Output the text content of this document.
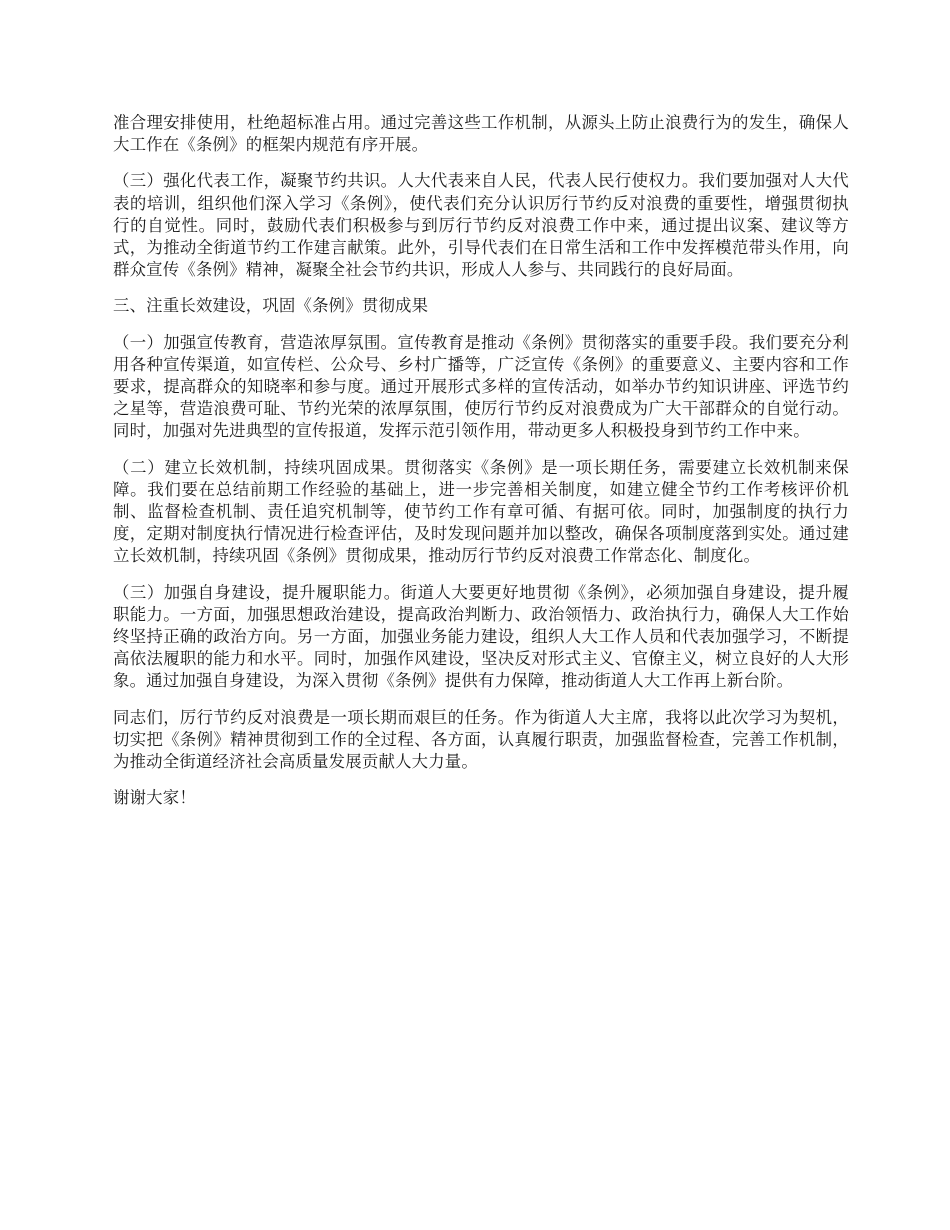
准合理安排使用，杜绝超标准占用。通过完善这些工作机制，从源头上防止浪费行为的发生，确保人大工作在《条例》的框架内规范有序开展。

（三）强化代表工作，凝聚节约共识。人大代表来自人民，代表人民行使权力。我们要加强对人大代表的培训，组织他们深入学习《条例》，使代表们充分认识厉行节约反对浪费的重要性，增强贯彻执行的自觉性。同时，鼓励代表们积极参与到厉行节约反对浪费工作中来，通过提出议案、建议等方式，为推动全街道节约工作建言献策。此外，引导代表们在日常生活和工作中发挥模范带头作用，向群众宣传《条例》精神，凝聚全社会节约共识，形成人人参与、共同践行的良好局面。

三、注重长效建设，巩固《条例》贯彻成果

（一）加强宣传教育，营造浓厚氛围。宣传教育是推动《条例》贯彻落实的重要手段。我们要充分利用各种宣传渠道，如宣传栏、公众号、乡村广播等，广泛宣传《条例》的重要意义、主要内容和工作要求，提高群众的知晓率和参与度。通过开展形式多样的宣传活动，如举办节约知识讲座、评选节约之星等，营造浪费可耻、节约光荣的浓厚氛围，使厉行节约反对浪费成为广大干部群众的自觉行动。同时，加强对先进典型的宣传报道，发挥示范引领作用，带动更多人积极投身到节约工作中来。

（二）建立长效机制，持续巩固成果。贯彻落实《条例》是一项长期任务，需要建立长效机制来保障。我们要在总结前期工作经验的基础上，进一步完善相关制度，如建立健全节约工作考核评价机制、监督检查机制、责任追究机制等，使节约工作有章可循、有据可依。同时，加强制度的执行力度，定期对制度执行情况进行检查评估，及时发现问题并加以整改，确保各项制度落到实处。通过建立长效机制，持续巩固《条例》贯彻成果，推动厉行节约反对浪费工作常态化、制度化。

（三）加强自身建设，提升履职能力。街道人大要更好地贯彻《条例》，必须加强自身建设，提升履职能力。一方面，加强思想政治建设，提高政治判断力、政治领悟力、政治执行力，确保人大工作始终坚持正确的政治方向。另一方面，加强业务能力建设，组织人大工作人员和代表加强学习，不断提高依法履职的能力和水平。同时，加强作风建设，坚决反对形式主义、官僚主义，树立良好的人大形象。通过加强自身建设，为深入贯彻《条例》提供有力保障，推动街道人大工作再上新台阶。

同志们，厉行节约反对浪费是一项长期而艰巨的任务。作为街道人大主席，我将以此次学习为契机，切实把《条例》精神贯彻到工作的全过程、各方面，认真履行职责，加强监督检查，完善工作机制，为推动全街道经济社会高质量发展贡献人大力量。

谢谢大家！
